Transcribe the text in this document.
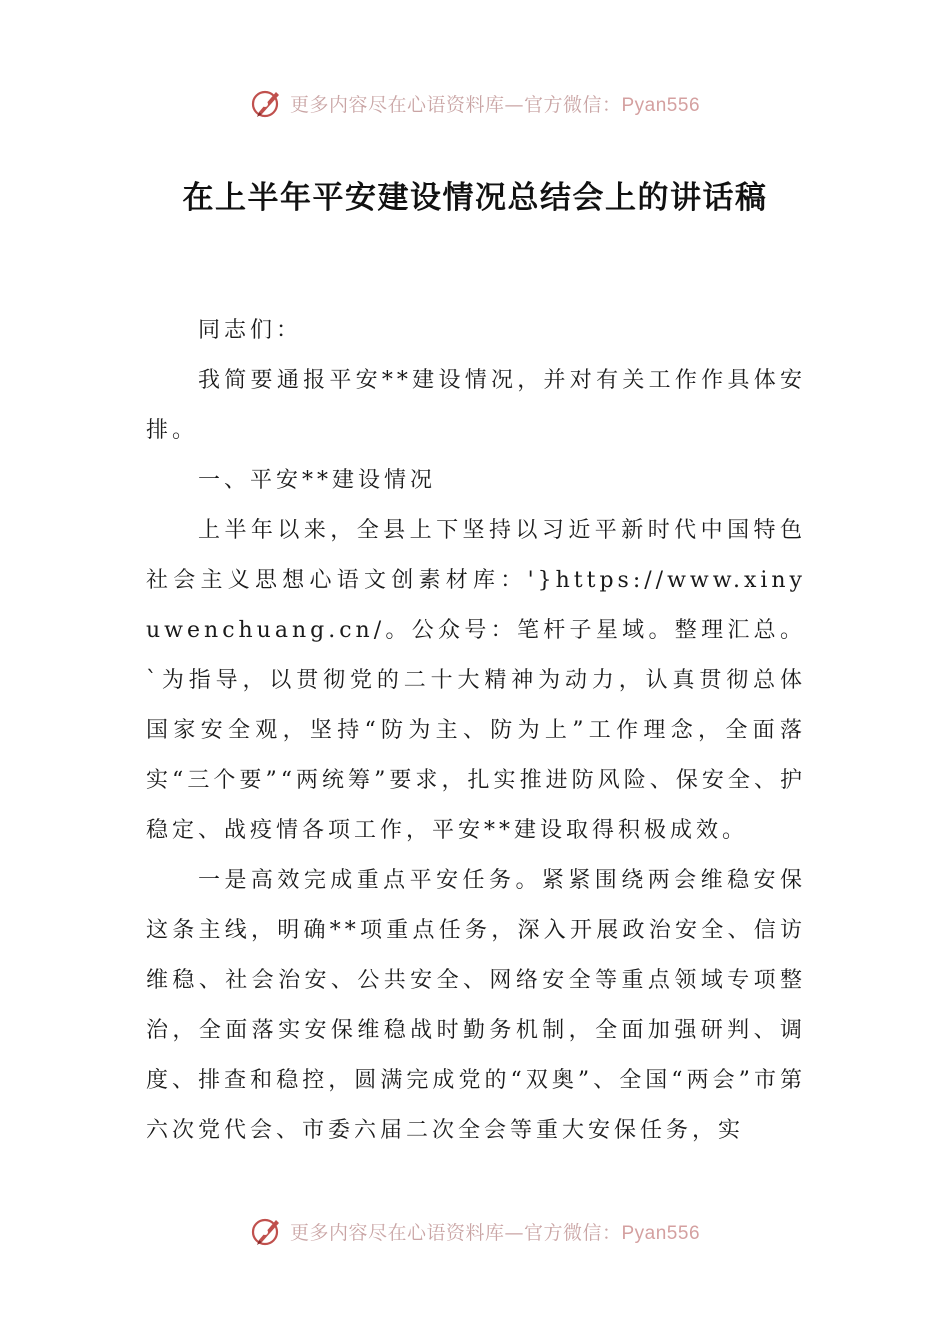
更多内容尽在心语资料库—官方微信：Pyan556
在上半年平安建设情况总结会上的讲话稿

同志们：

我简要通报平安**建设情况，并对有关工作作具体安排。

一、平安**建设情况

上半年以来，全县上下坚持以习近平新时代中国特色社会主义思想心语文创素材库：'}https://www.xinyuwenchuang.cn/。公众号：笔杆子星域。整理汇总。`为指导，以贯彻党的二十大精神为动力，认真贯彻总体国家安全观，坚持“防为主、防为上”工作理念，全面落实“三个要”“两统筹”要求，扎实推进防风险、保安全、护稳定、战疫情各项工作，平安**建设取得积极成效。

一是高效完成重点平安任务。紧紧围绕两会维稳安保这条主线，明确**项重点任务，深入开展政治安全、信访维稳、社会治安、公共安全、网络安全等重点领域专项整治，全面落实安保维稳战时勤务机制，全面加强研判、调度、排查和稳控，圆满完成党的“双奥”、全国“两会”市第六次党代会、市委六届二次全会等重大安保任务，实

更多内容尽在心语资料库—官方微信：Pyan556
